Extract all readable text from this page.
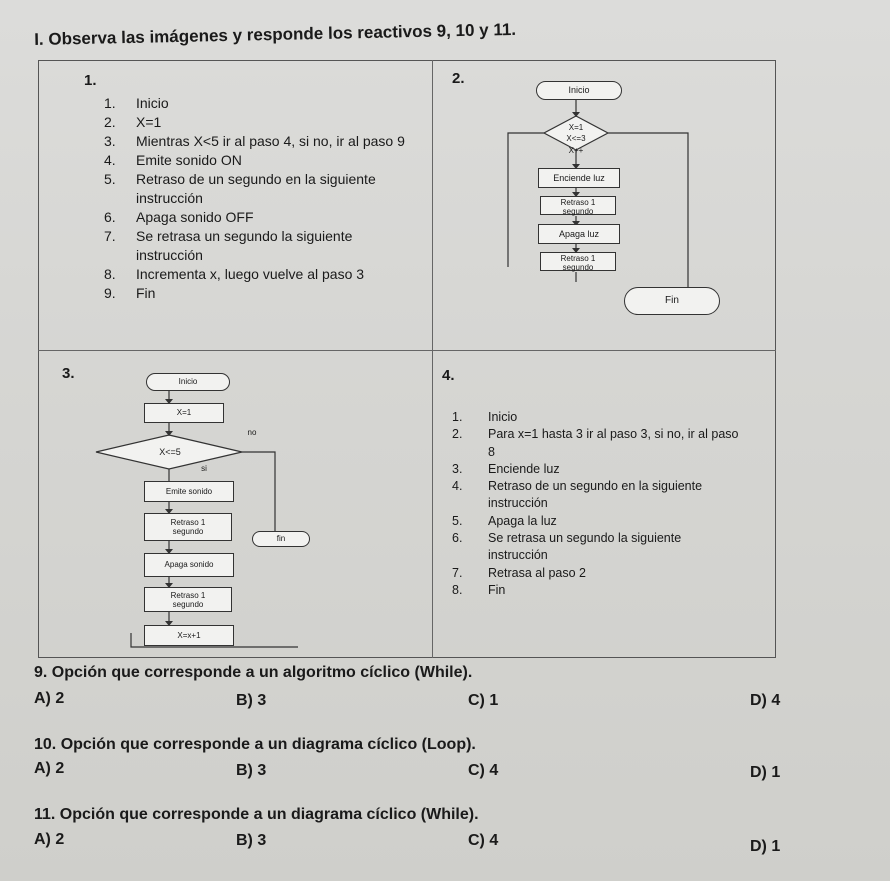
I. Observa las imágenes y responde los reactivos 9, 10 y 11.
1.
1. Inicio
2. X=1
3. Mientras X<5 ir al paso 4, si no, ir al paso 9
4. Emite sonido ON
5. Retraso de un segundo en la siguiente
instrucción
6. Apaga sonido OFF
7. Se retrasa un segundo la siguiente
instrucción
8. Incrementa x, luego vuelve al paso 3
9. Fin
2.
Inicio
X=1
X<=3
X++
Enciende luz
Retraso 1
segundo
Apaga luz
Retraso 1
segundo
Fin
3.	Inicio
X=1
no
X<=5
si
Emite sonido
Retraso 1
segundo
fin
Apaga sonido
Retraso 1
segundo
X=x+1
4.
1. Inicio
2. Para x=1 hasta 3 ir al paso 3, si no, ir al paso
8
3. Enciende luz
4. Retraso de un segundo en la siguiente
instrucción
5. Apaga la luz
6. Se retrasa un segundo la siguiente
instrucción
7. Retrasa al paso 2
8. Fin
9. Opción que corresponde a un algoritmo cíclico (While).
A) 2	B) 3	C) 1	D) 4
10. Opción que corresponde a un diagrama cíclico (Loop).
A) 2	B) 3	C) 4	D) 1
11. Opción que corresponde a un diagrama cíclico (While).
A) 2	B) 3	C) 4	D) 1
